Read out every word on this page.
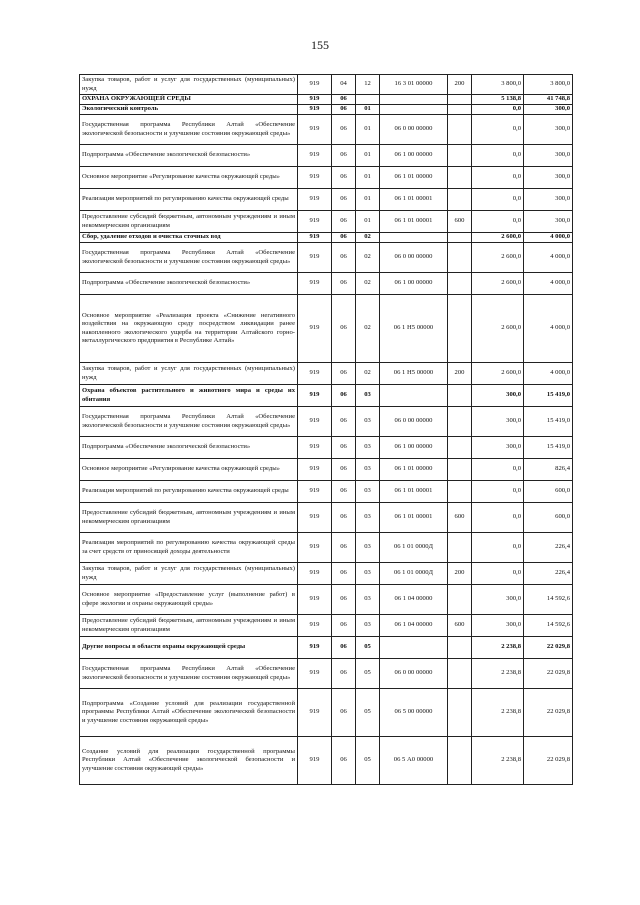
155
Закупка товаров, работ и услуг для государственных (муниципальных) нужд	919	04	12	16 3 01 00000	200	3 800,0	3 800,0
ОХРАНА ОКРУЖАЮЩЕЙ СРЕДЫ	919	06				5 138,8	41 748,8
Экологический контроль	919	06	01			0,0	300,0
Государственная программа Республики Алтай «Обеспечение экологической безопасности и улучшение состояния окружающей среды»	919	06	01	06 0 00 00000		0,0	300,0
Подпрограмма «Обеспечение экологической безопасности»	919	06	01	06 1 00 00000		0,0	300,0
Основное мероприятие «Регулирование качества окружающей среды»	919	06	01	06 1 01 00000		0,0	300,0
Реализация мероприятий по регулированию качества окружающей среды	919	06	01	06 1 01 00001		0,0	300,0
Предоставление субсидий бюджетным, автономным учреждениям и иным некоммерческим организациям	919	06	01	06 1 01 00001	600	0,0	300,0
Сбор, удаление отходов и очистка сточных вод	919	06	02			2 600,0	4 000,0
Государственная программа Республики Алтай «Обеспечение экологической безопасности и улучшение состояния окружающей среды»	919	06	02	06 0 00 00000		2 600,0	4 000,0
Подпрограмма «Обеспечение экологической безопасности»	919	06	02	06 1 00 00000		2 600,0	4 000,0
Основное мероприятие «Реализация проекта «Снижение негативного воздействия на окружающую среду посредством ликвидации ранее накопленного экологического ущерба на территории Алтайского горно-металлургического предприятия в Республике Алтай»	919	06	02	06 1 Н5 00000		2 600,0	4 000,0
Закупка товаров, работ и услуг для государственных (муниципальных) нужд	919	06	02	06 1 Н5 00000	200	2 600,0	4 000,0
Охрана объектов растительного и животного мира и среды их обитания	919	06	03			300,0	15 419,0
Государственная программа Республики Алтай «Обеспечение экологической безопасности и улучшение состояния окружающей среды»	919	06	03	06 0 00 00000		300,0	15 419,0
Подпрограмма «Обеспечение экологической безопасности»	919	06	03	06 1 00 00000		300,0	15 419,0
Основное мероприятие «Регулирование качества окружающей среды»	919	06	03	06 1 01 00000		0,0	826,4
Реализация мероприятий по регулированию качества окружающей среды	919	06	03	06 1 01 00001		0,0	600,0
Предоставление субсидий бюджетным, автономным учреждениям и иным некоммерческим организациям	919	06	03	06 1 01 00001	600	0,0	600,0
Реализация мероприятий по регулированию качества окружающей среды за счет средств от приносящей доходы деятельности	919	06	03	06 1 01 0000Д		0,0	226,4
Закупка товаров, работ и услуг для государственных (муниципальных) нужд	919	06	03	06 1 01 0000Д	200	0,0	226,4
Основное мероприятие «Предоставление услуг (выполнение работ) в сфере экологии и охраны окружающей среды»	919	06	03	06 1 04 00000		300,0	14 592,6
Предоставление субсидий бюджетным, автономным учреждениям и иным некоммерческим организациям	919	06	03	06 1 04 00000	600	300,0	14 592,6
Другие вопросы в области охраны окружающей среды	919	06	05			2 238,8	22 029,8
Государственная программа Республики Алтай «Обеспечение экологической безопасности и улучшение состояния окружающей среды»	919	06	05	06 0 00 00000		2 238,8	22 029,8
Подпрограмма «Создание условий для реализации государственной программы Республики Алтай «Обеспечение экологической безопасности и улучшение состояния окружающей среды»	919	06	05	06 5 00 00000		2 238,8	22 029,8
Создание условий для реализации государственной программы Республики Алтай «Обеспечение экологической безопасности и улучшение состояния окружающей среды»	919	06	05	06 5 А0 00000		2 238,8	22 029,8
